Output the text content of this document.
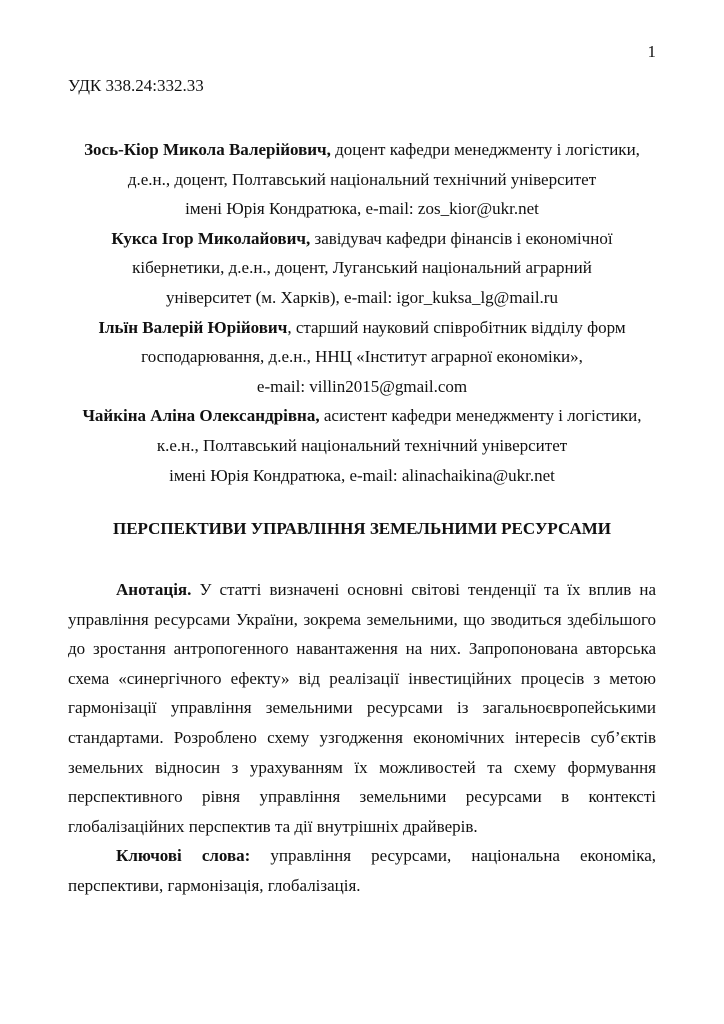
1
УДК 338.24:332.33

Зось-Кіор Микола Валерійович, доцент кафедри менеджменту і логістики,

д.е.н., доцент, Полтавський національний технічний університет

імені Юрія Кондратюка, e-mail: zos_kior@ukr.net

Кукса Ігор Миколайович, завідувач кафедри фінансів і економічної

кібернетики, д.е.н., доцент, Луганський національний аграрний

університет (м. Харків), e-mail: igor_kuksa_lg@mail.ru

Ільїн Валерій Юрійович, старший науковий співробітник відділу форм

господарювання, д.е.н., ННЦ «Інститут аграрної економіки»,

e-mail: villin2015@gmail.com

Чайкіна Аліна Олександрівна, асистент кафедри менеджменту і логістики,

к.е.н., Полтавський національний технічний університет

імені Юрія Кондратюка, e-mail: alinachaikina@ukr.net

ПЕРСПЕКТИВИ УПРАВЛІННЯ ЗЕМЕЛЬНИМИ РЕСУРСАМИ
Анотація. У статті визначені основні світові тенденції та їх вплив на
управління ресурсами України, зокрема земельними, що зводиться здебільшого
до зростання антропогенного навантаження на них. Запропонована авторська
схема «синергічного ефекту» від реалізації інвестиційних процесів з метою
гармонізації управління земельними ресурсами із загальноєвропейськими
стандартами. Розроблено схему узгодження економічних інтересів суб’єктів
земельних відносин з урахуванням їх можливостей та схему формування
перспективного рівня управління земельними ресурсами в контексті
глобалізаційних перспектив та дії внутрішніх драйверів.
Ключові слова: управління ресурсами, національна економіка,
перспективи, гармонізація, глобалізація.
